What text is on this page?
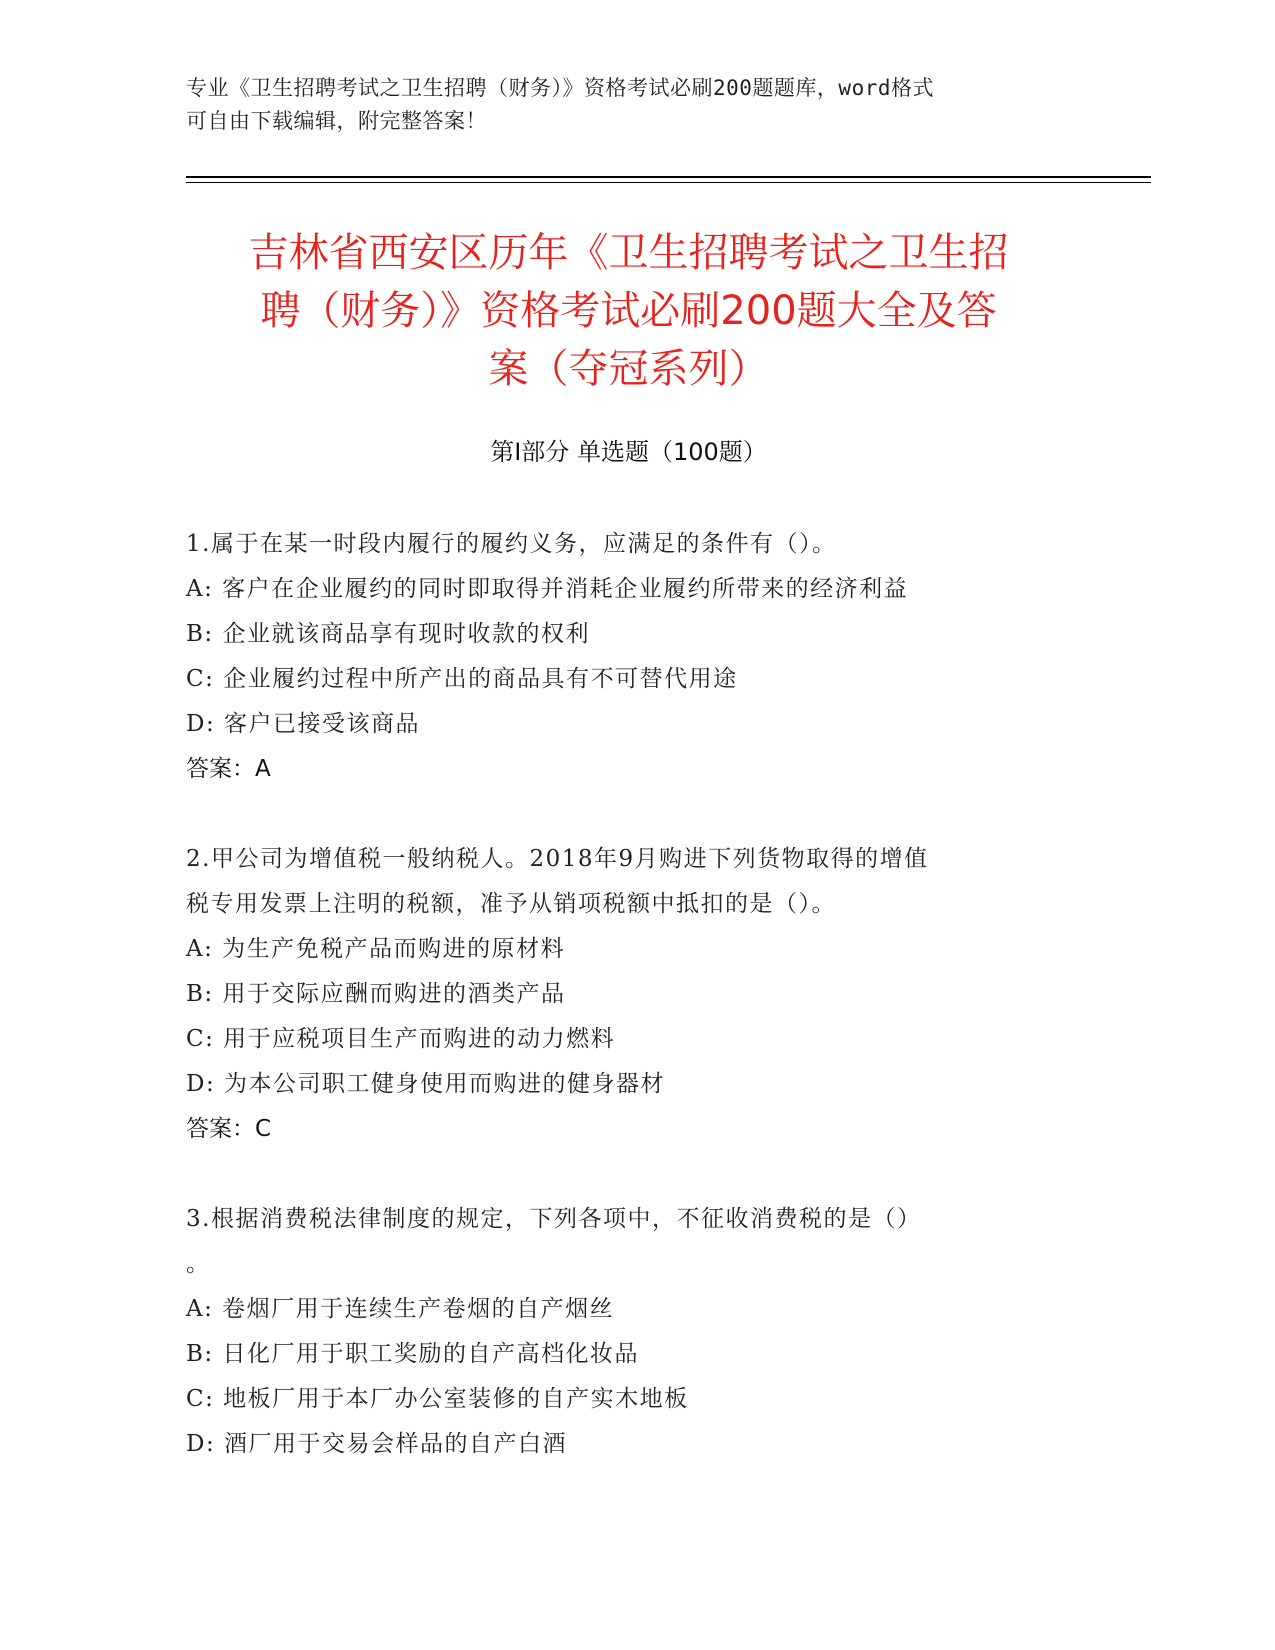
专业《卫生招聘考试之卫生招聘（财务）》资格考试必刷200题题库，word格式
可自由下载编辑，附完整答案！
吉林省西安区历年《卫生招聘考试之卫生招
聘（财务）》资格考试必刷200题大全及答
案（夺冠系列）
第Ⅰ部分 单选题（100题）
1.属于在某一时段内履行的履约义务，应满足的条件有（）。
A: 客户在企业履约的同时即取得并消耗企业履约所带来的经济利益
B: 企业就该商品享有现时收款的权利
C: 企业履约过程中所产出的商品具有不可替代用途
D: 客户已接受该商品
答案：A
2.甲公司为增值税一般纳税人。2018年9月购进下列货物取得的增值
税专用发票上注明的税额，准予从销项税额中抵扣的是（）。
A: 为生产免税产品而购进的原材料
B: 用于交际应酬而购进的酒类产品
C: 用于应税项目生产而购进的动力燃料
D: 为本公司职工健身使用而购进的健身器材
答案：C
3.根据消费税法律制度的规定，下列各项中，不征收消费税的是（）
。
A: 卷烟厂用于连续生产卷烟的自产烟丝
B: 日化厂用于职工奖励的自产高档化妆品
C: 地板厂用于本厂办公室装修的自产实木地板
D: 酒厂用于交易会样品的自产白酒
